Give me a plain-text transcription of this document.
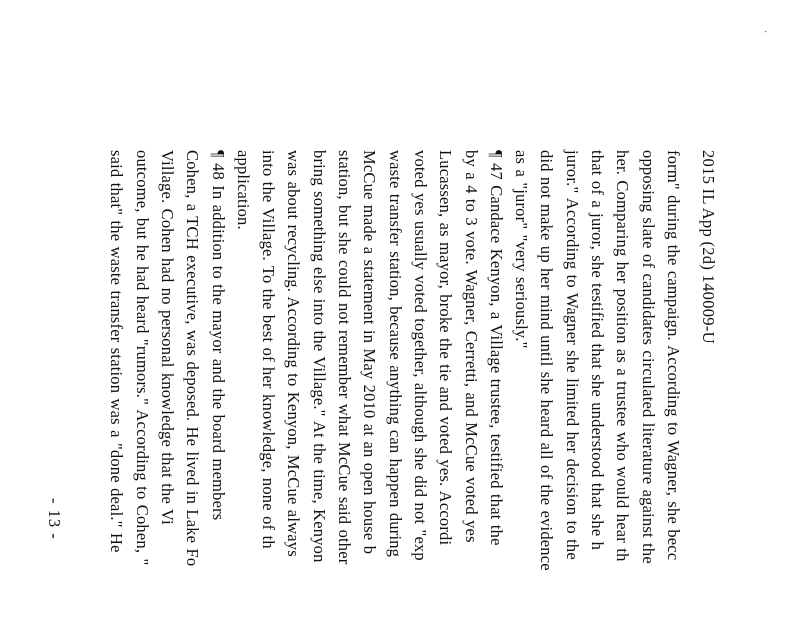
·
2015 IL App (2d) 140009-U
form" during the campaign. According to Wagner, she becc
opposing slate of candidates circulated literature against the
her. Comparing her position as a trustee who would hear th
that of a juror, she testified that she understood that she h
juror." According to Wagner she limited her decision to the
did not make up her mind until she heard all of the evidence
as a "juror" "very seriously."
¶ 47 Candace Kenyon, a Village trustee, testified that the
by a 4 to 3 vote. Wagner, Cerretti, and McCue voted yes
Lucassen, as mayor, broke the tie and voted yes. Accordi
voted yes usually voted together, although she did not "exp
waste transfer station, because anything can happen during
McCue made a statement in May 2010 at an open house b
station, but she could not remember what McCue said other
bring something else into the Village." At the time, Kenyon
was about recycling. According to Kenyon, McCue always
into the Village. To the best of her knowledge, none of th
application.
¶ 48 In addition to the mayor and the board members
Cohen, a TCH executive, was deposed. He lived in Lake Fo
Village. Cohen had no personal knowledge that the Vi
outcome, but he had heard "rumors." According to Cohen, "
said that" the waste transfer station was a "done deal." He
- 13 -
